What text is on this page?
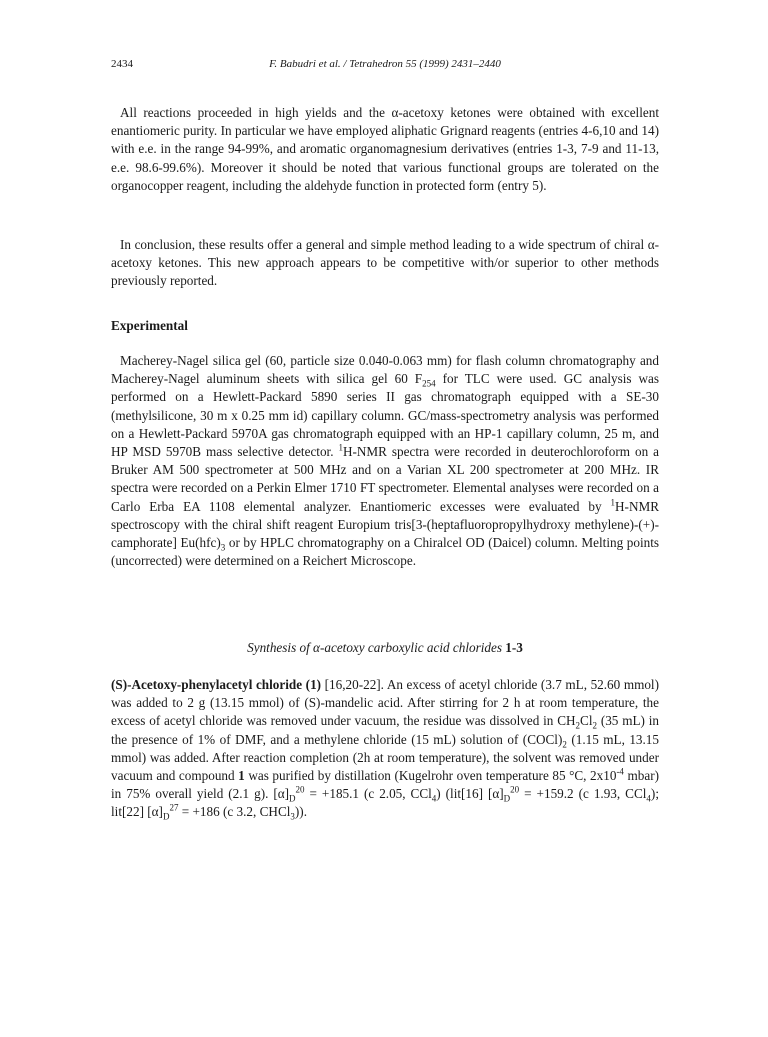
2434	F. Babudri et al. / Tetrahedron 55 (1999) 2431–2440

All reactions proceeded in high yields and the α-acetoxy ketones were obtained with excellent enantiomeric purity. In particular we have employed aliphatic Grignard reagents (entries 4-6,10 and 14) with e.e. in the range 94-99%, and aromatic organomagnesium derivatives (entries 1-3, 7-9 and 11-13, e.e. 98.6-99.6%). Moreover it should be noted that various functional groups are tolerated on the organocopper reagent, including the aldehyde function in protected form (entry 5).

In conclusion, these results offer a general and simple method leading to a wide spectrum of chiral α-acetoxy ketones. This new approach appears to be competitive with/or superior to other methods previously reported.

Experimental

Macherey-Nagel silica gel (60, particle size 0.040-0.063 mm) for flash column chromatography and Macherey-Nagel aluminum sheets with silica gel 60 $F_{254}$ for TLC were used. GC analysis was performed on a Hewlett-Packard 5890 series II gas chromatograph equipped with a SE-30 (methylsilicone, 30 m x 0.25 mm id) capillary column. GC/mass-spectrometry analysis was performed on a Hewlett-Packard 5970A gas chromatograph equipped with an HP-1 capillary column, 25 m, and HP MSD 5970B mass selective detector. $^1$H-NMR spectra were recorded in deuterochloroform on a Bruker AM 500 spectrometer at 500 MHz and on a Varian XL 200 spectrometer at 200 MHz. IR spectra were recorded on a Perkin Elmer 1710 FT spectrometer. Elemental analyses were recorded on a Carlo Erba EA 1108 elemental analyzer. Enantiomeric excesses were evaluated by $^1$H-NMR spectroscopy with the chiral shift reagent Europium tris[3-(heptafluoropropylhydroxy methylene)-(+)-camphorate] $Eu(hfc)_3$ or by HPLC chromatography on a Chiralcel OD (Daicel) column. Melting points (uncorrected) were determined on a Reichert Microscope.

Synthesis of α-acetoxy carboxylic acid chlorides 1-3

(S)-Acetoxy-phenylacetyl chloride (1) [16,20-22]. An excess of acetyl chloride (3.7 mL, 52.60 mmol) was added to 2 g (13.15 mmol) of (S)-mandelic acid. After stirring for 2 h at room temperature, the excess of acetyl chloride was removed under vacuum, the residue was dissolved in $CH_2Cl_2$ (35 mL) in the presence of 1% of DMF, and a methylene chloride (15 mL) solution of $(COCl)_2$ (1.15 mL, 13.15 mmol) was added. After reaction completion (2h at room temperature), the solvent was removed under vacuum and compound 1 was purified by distillation (Kugelrohr oven temperature 85 °C, $2x10^{-4}$ mbar) in 75% overall yield (2.1 g). $[\alpha]_D^{20} = +185.1$ (c 2.05, CCl$_4$) (lit[16] $[\alpha]_D^{20} = +159.2$ (c 1.93, CCl$_4$); lit[22] $[\alpha]_D^{27} = +186$ (c 3.2, CHCl$_3$)).
